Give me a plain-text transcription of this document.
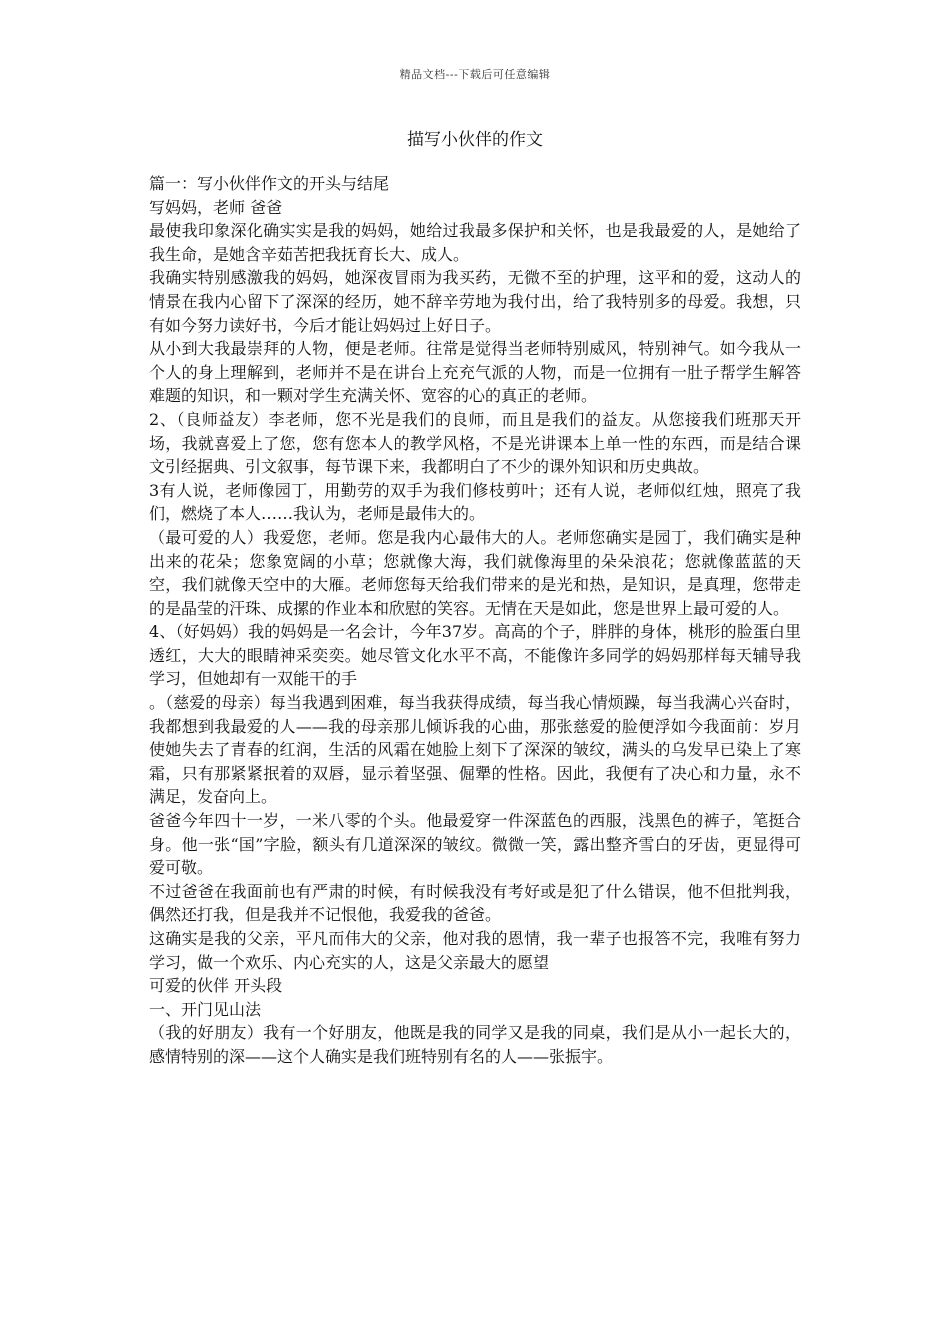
精品文档---下载后可任意编辑
描写小伙伴的作文

篇一：写小伙伴作文的开头与结尾

写妈妈，老师 爸爸

最使我印象深化确实实是我的妈妈，她给过我最多保护和关怀，也是我最爱的人，是她给了我生命，是她含辛茹苦把我抚育长大、成人。

我确实特别感激我的妈妈，她深夜冒雨为我买药，无微不至的护理，这平和的爱，这动人的情景在我内心留下了深深的经历，她不辞辛劳地为我付出，给了我特别多的母爱。我想，只有如今努力读好书，今后才能让妈妈过上好日子。

从小到大我最崇拜的人物，便是老师。往常是觉得当老师特别威风，特别神气。如今我从一个人的身上理解到，老师并不是在讲台上充充气派的人物，而是一位拥有一肚子帮学生解答难题的知识，和一颗对学生充满关怀、宽容的心的真正的老师。

2、（良师益友）李老师，您不光是我们的良师，而且是我们的益友。从您接我们班那天开场，我就喜爱上了您，您有您本人的教学风格，不是光讲课本上单一性的东西，而是结合课文引经据典、引文叙事，每节课下来，我都明白了不少的课外知识和历史典故。

3有人说，老师像园丁，用勤劳的双手为我们修枝剪叶；还有人说，老师似红烛，照亮了我们，燃烧了本人……我认为，老师是最伟大的。

（最可爱的人）我爱您，老师。您是我内心最伟大的人。老师您确实是园丁，我们确实是种出来的花朵；您象宽阔的小草；您就像大海，我们就像海里的朵朵浪花；您就像蓝蓝的天空，我们就像天空中的大雁。老师您每天给我们带来的是光和热，是知识，是真理，您带走的是晶莹的汗珠、成摞的作业本和欣慰的笑容。无情在天是如此，您是世界上最可爱的人。

4、（好妈妈）我的妈妈是一名会计，今年37岁。高高的个子，胖胖的身体，桃形的脸蛋白里透红，大大的眼睛神采奕奕。她尽管文化水平不高，不能像许多同学的妈妈那样每天辅导我学习，但她却有一双能干的手

。（慈爱的母亲）每当我遇到困难，每当我获得成绩，每当我心情烦躁，每当我满心兴奋时，我都想到我最爱的人——我的母亲那儿倾诉我的心曲，那张慈爱的脸便浮如今我面前：岁月使她失去了青春的红润，生活的风霜在她脸上刻下了深深的皱纹，满头的乌发早已染上了寒霜，只有那紧紧抿着的双唇，显示着坚强、倔犟的性格。因此，我便有了决心和力量，永不满足，发奋向上。

爸爸今年四十一岁，一米八零的个头。他最爱穿一件深蓝色的西服，浅黑色的裤子，笔挺合身。他一张“国”字脸，额头有几道深深的皱纹。微微一笑，露出整齐雪白的牙齿，更显得可爱可敬。

不过爸爸在我面前也有严肃的时候，有时候我没有考好或是犯了什么错误，他不但批判我，偶然还打我，但是我并不记恨他，我爱我的爸爸。

这确实是我的父亲，平凡而伟大的父亲，他对我的恩情，我一辈子也报答不完，我唯有努力学习，做一个欢乐、内心充实的人，这是父亲最大的愿望

可爱的伙伴 开头段

一、开门见山法

（我的好朋友）我有一个好朋友，他既是我的同学又是我的同桌，我们是从小一起长大的，感情特别的深——这个人确实是我们班特别有名的人——张振宇。
